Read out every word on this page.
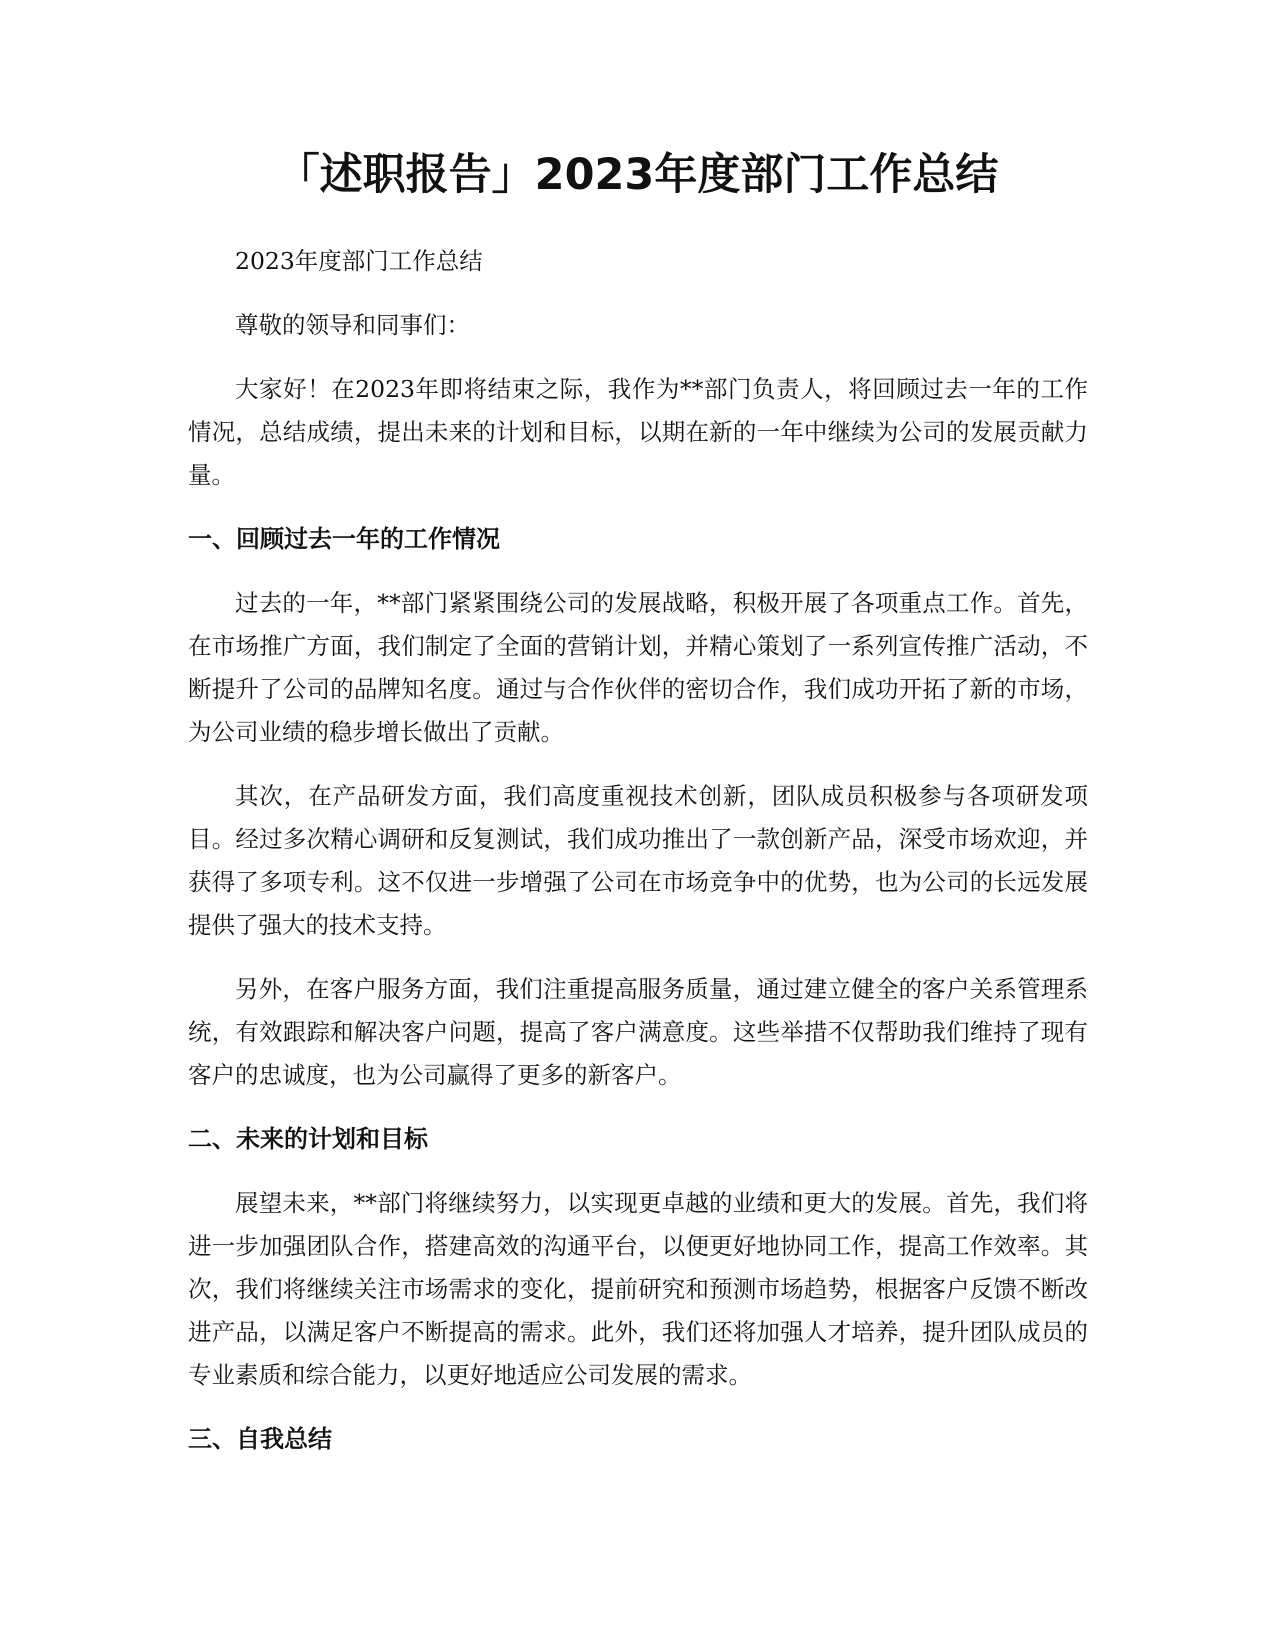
「述职报告」2023年度部门工作总结

2023年度部门工作总结

尊敬的领导和同事们：

大家好！在2023年即将结束之际，我作为**部门负责人，将回顾过去一年的工作情况，总结成绩，提出未来的计划和目标，以期在新的一年中继续为公司的发展贡献力量。

一、回顾过去一年的工作情况

过去的一年，**部门紧紧围绕公司的发展战略，积极开展了各项重点工作。首先，在市场推广方面，我们制定了全面的营销计划，并精心策划了一系列宣传推广活动，不断提升了公司的品牌知名度。通过与合作伙伴的密切合作，我们成功开拓了新的市场，为公司业绩的稳步增长做出了贡献。

其次，在产品研发方面，我们高度重视技术创新，团队成员积极参与各项研发项目。经过多次精心调研和反复测试，我们成功推出了一款创新产品，深受市场欢迎，并获得了多项专利。这不仅进一步增强了公司在市场竞争中的优势，也为公司的长远发展提供了强大的技术支持。

另外，在客户服务方面，我们注重提高服务质量，通过建立健全的客户关系管理系统，有效跟踪和解决客户问题，提高了客户满意度。这些举措不仅帮助我们维持了现有客户的忠诚度，也为公司赢得了更多的新客户。

二、未来的计划和目标

展望未来，**部门将继续努力，以实现更卓越的业绩和更大的发展。首先，我们将进一步加强团队合作，搭建高效的沟通平台，以便更好地协同工作，提高工作效率。其次，我们将继续关注市场需求的变化，提前研究和预测市场趋势，根据客户反馈不断改进产品，以满足客户不断提高的需求。此外，我们还将加强人才培养，提升团队成员的专业素质和综合能力，以更好地适应公司发展的需求。

三、自我总结
